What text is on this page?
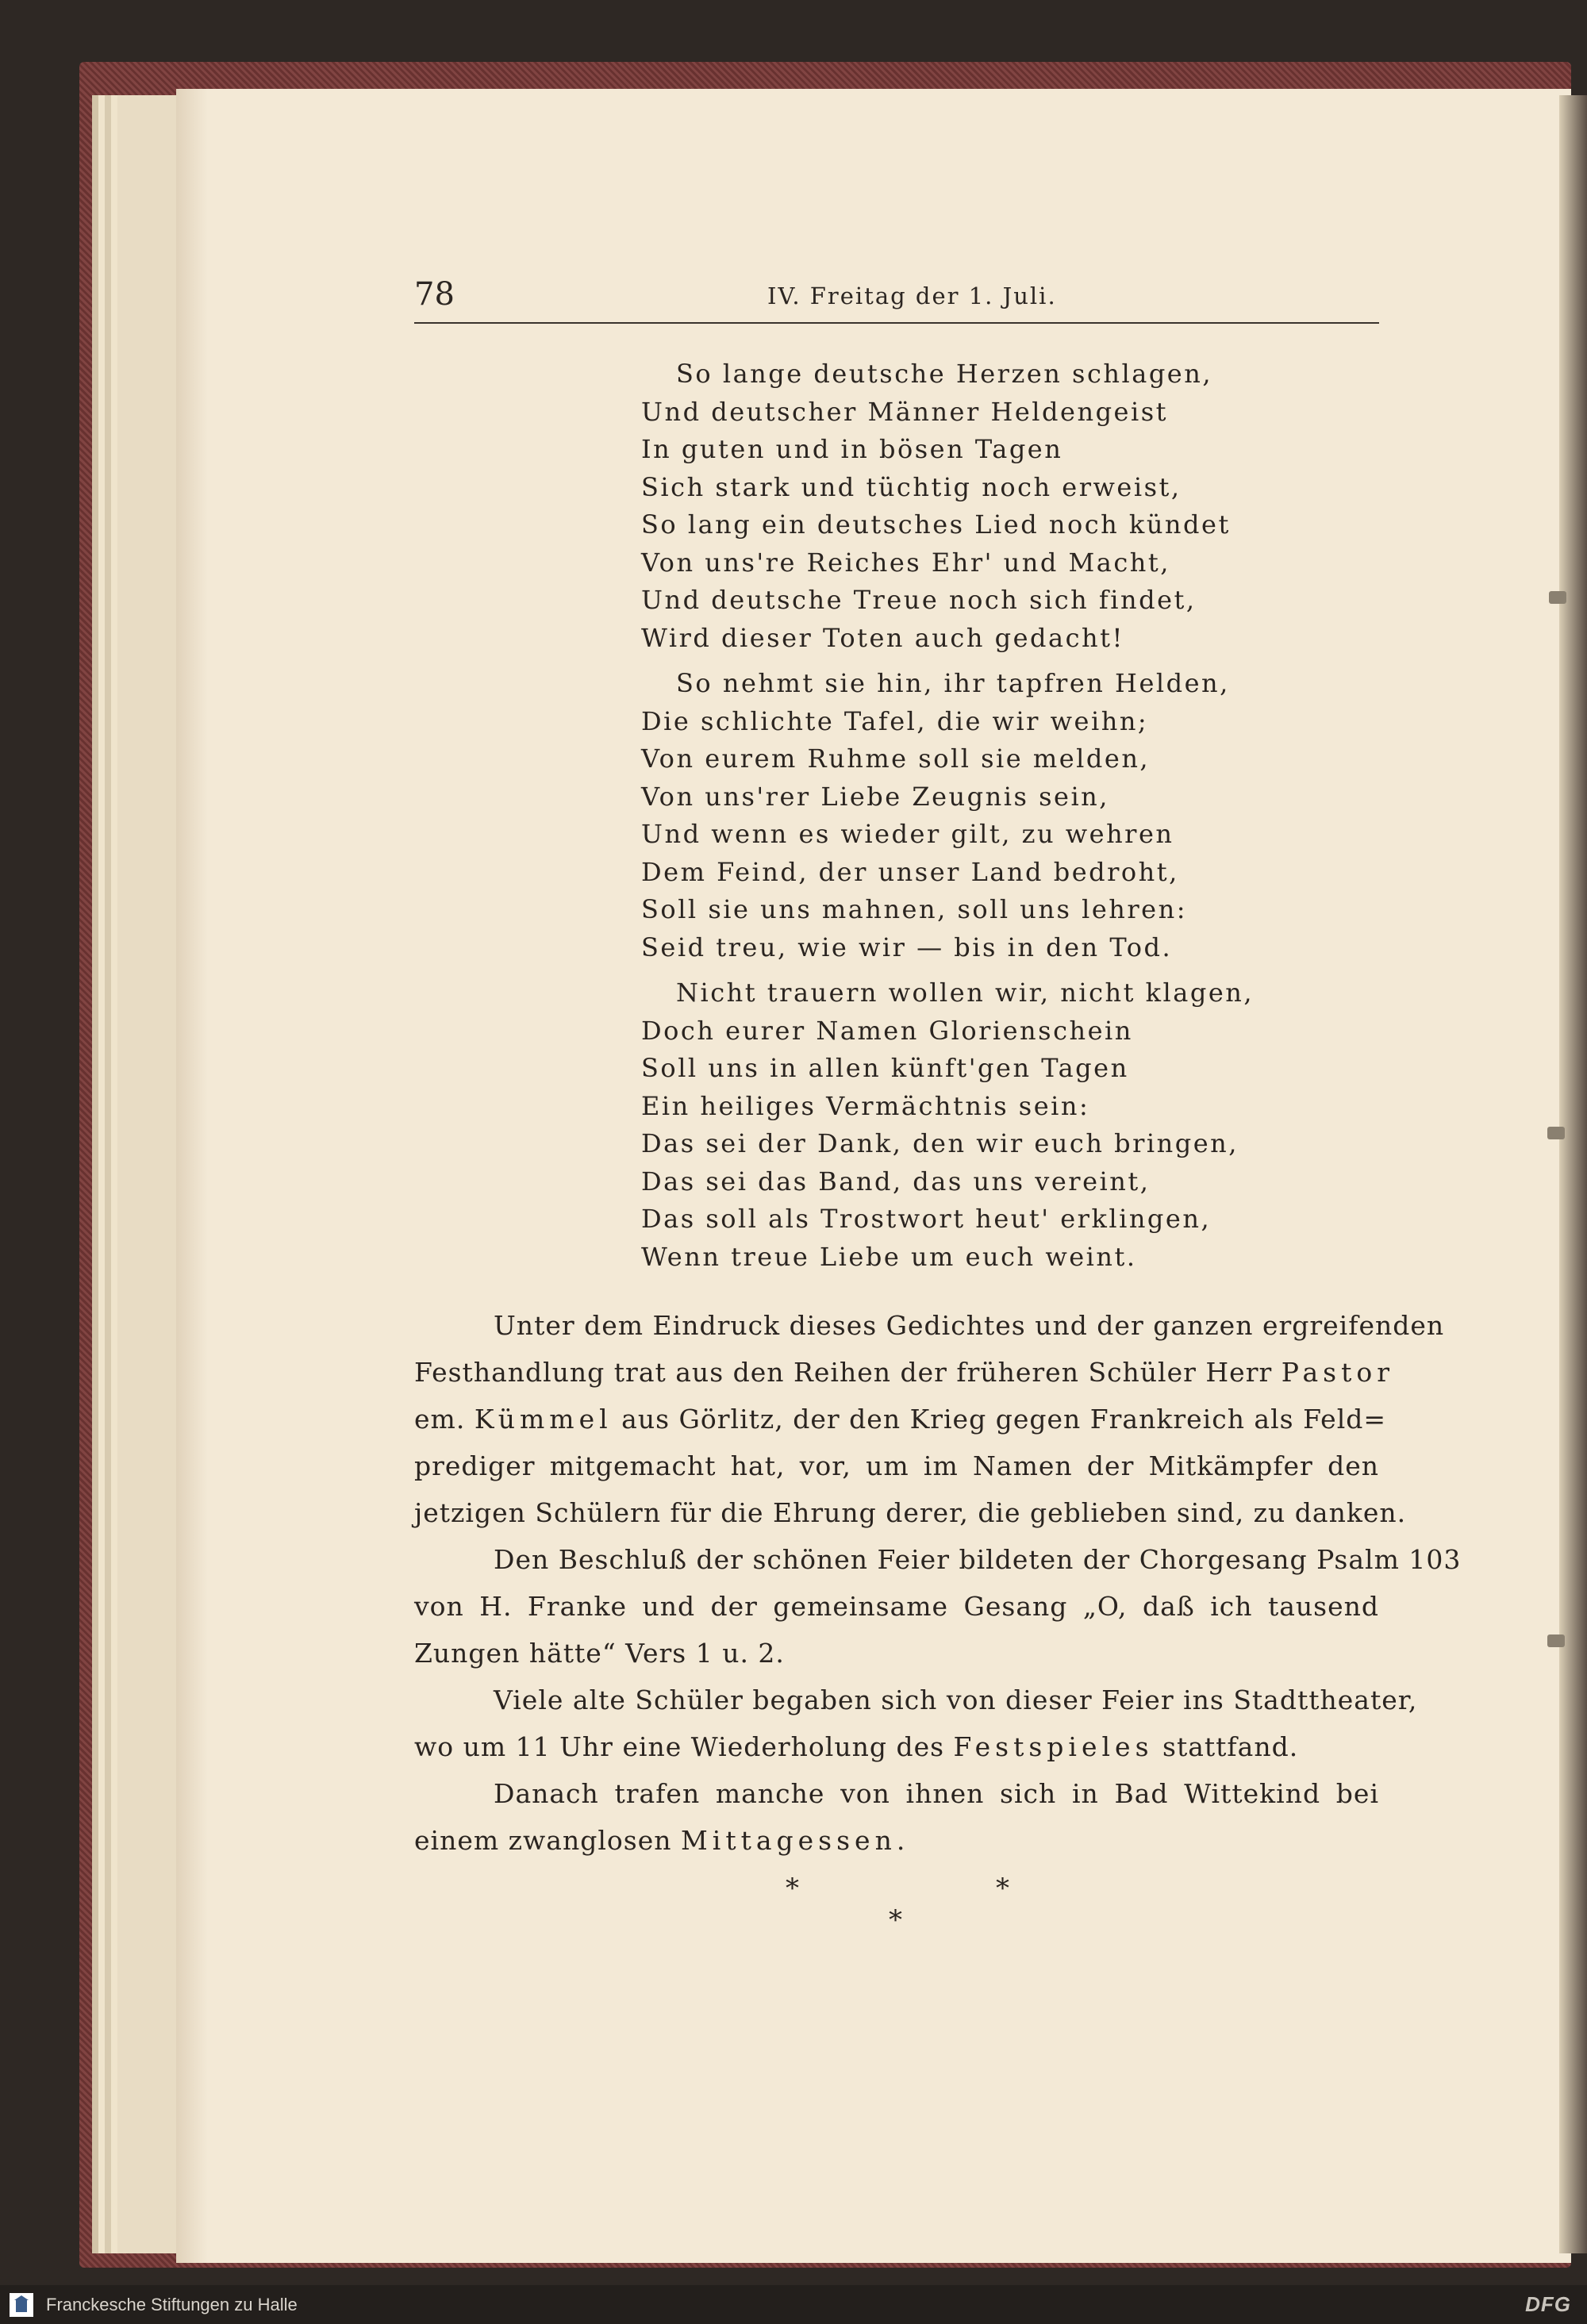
78	IV. Freitag der 1. Juli.
So lange deutsche Herzen schlagen,
Und deutscher Männer Heldengeist
In guten und in bösen Tagen
Sich stark und tüchtig noch erweist,
So lang ein deutsches Lied noch kündet
Von uns're Reiches Ehr' und Macht,
Und deutsche Treue noch sich findet,
Wird dieser Toten auch gedacht!
So nehmt sie hin, ihr tapfren Helden,
Die schlichte Tafel, die wir weihn;
Von eurem Ruhme soll sie melden,
Von uns'rer Liebe Zeugnis sein,
Und wenn es wieder gilt, zu wehren
Dem Feind, der unser Land bedroht,
Soll sie uns mahnen, soll uns lehren:
Seid treu, wie wir — bis in den Tod.
Nicht trauern wollen wir, nicht klagen,
Doch eurer Namen Glorienschein
Soll uns in allen künft'gen Tagen
Ein heiliges Vermächtnis sein:
Das sei der Dank, den wir euch bringen,
Das sei das Band, das uns vereint,
Das soll als Trostwort heut' erklingen,
Wenn treue Liebe um euch weint.
Unter dem Eindruck dieses Gedichtes und der ganzen ergreifenden
Festhandlung trat aus den Reihen der früheren Schüler Herr Pastor
em. Kümmel aus Görlitz, der den Krieg gegen Frankreich als Feld=
prediger mitgemacht hat, vor, um im Namen der Mitkämpfer den
jetzigen Schülern für die Ehrung derer, die geblieben sind, zu danken.
Den Beschluß der schönen Feier bildeten der Chorgesang Psalm 103
von H. Franke und der gemeinsame Gesang „O, daß ich tausend
Zungen hätte“ Vers 1 u. 2.
Viele alte Schüler begaben sich von dieser Feier ins Stadttheater,
wo um 11 Uhr eine Wiederholung des Festspieles stattfand.
Danach trafen manche von ihnen sich in Bad Wittekind bei
einem zwanglosen Mittagessen.
*	*
*
Franckesche Stiftungen zu Halle	DFG
